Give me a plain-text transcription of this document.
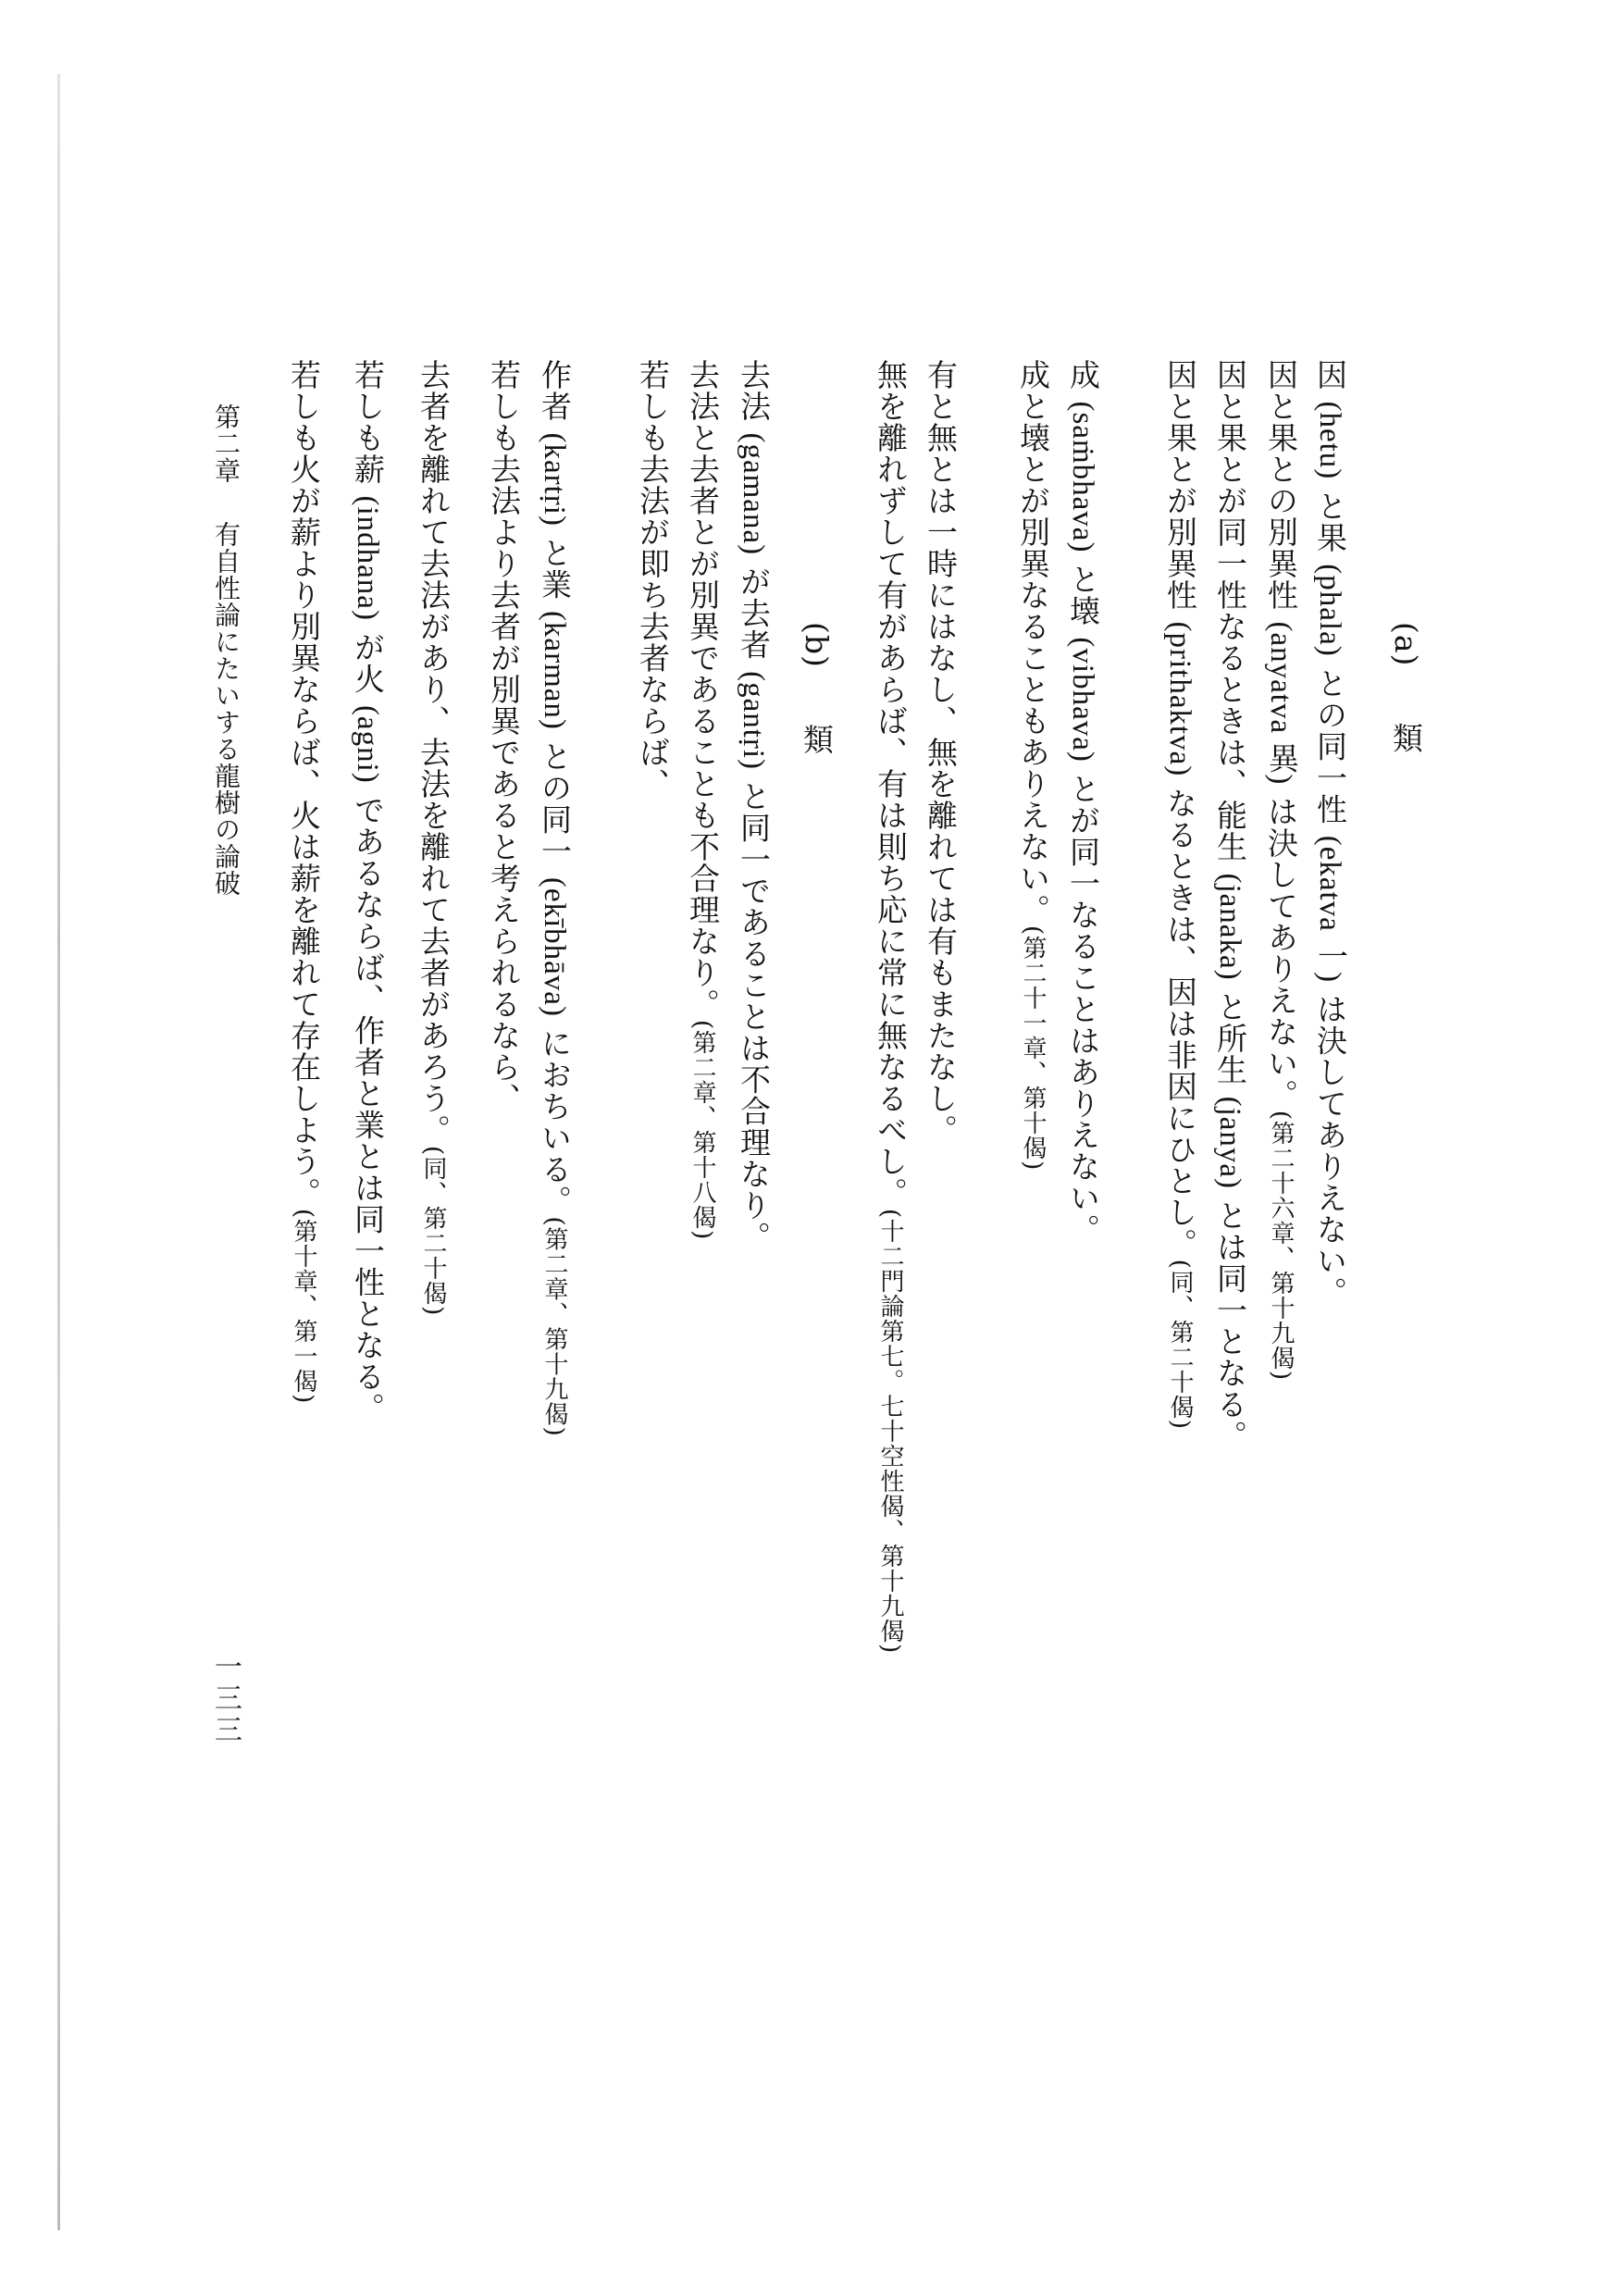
(a)類
因 (hetu) と果 (phala) との同一性 (ekatva 一) は決してありえない。
因と果との別異性 (anyatva 異) は決してありえない。(第二十六章、第十九偈)
因と果とが同一性なるときは、能生 (janaka) と所生 (janya) とは同一となる。
因と果とが別異性 (prithaktva) なるときは、因は非因にひとし。(同、第二十偈)
成 (saṁbhava) と壊 (vibhava) とが同一なることはありえない。
成と壊とが別異なることもありえない。(第二十一章、第十偈)
有と無とは一時にはなし、無を離れては有もまたなし。
無を離れずして有があらば、有は則ち応に常に無なるべし。(十二門論第七。七十空性偈、第十九偈)
(b)類
去法 (gamana) が去者 (gantṛi) と同一であることは不合理なり。
去法と去者とが別異であることも不合理なり。(第二章、第十八偈)
若しも去法が即ち去者ならば、
作者 (kartṛi) と業 (karman) との同一 (ekībhāva) におちいる。(第二章、第十九偈)
若しも去法より去者が別異であると考えられるなら、
去者を離れて去法があり、去法を離れて去者があろう。(同、第二十偈)
若しも薪 (indhana) が火 (agni) であるならば、作者と業とは同一性となる。
若しも火が薪より別異ならば、火は薪を離れて存在しよう。(第十章、第一偈)
第二章有自性論にたいする龍樹の論破
一三三
